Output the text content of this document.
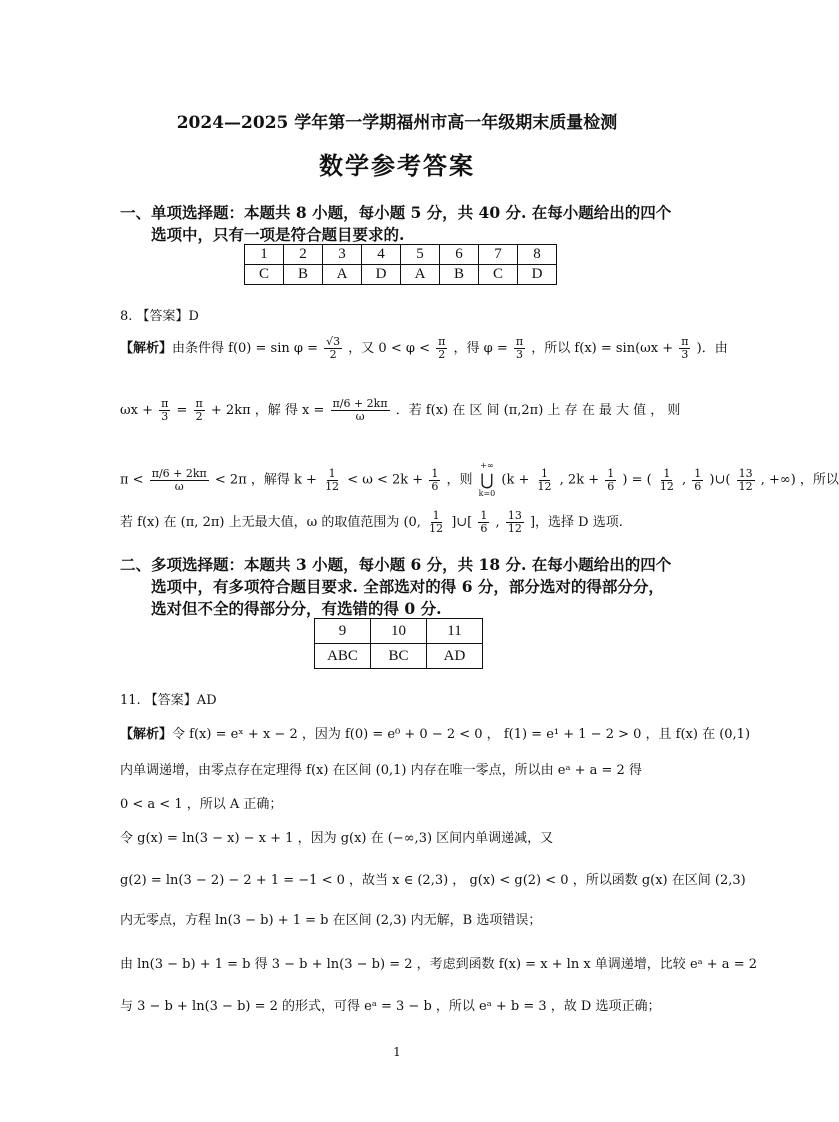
2024—2025 学年第一学期福州市高一年级期末质量检测
数学参考答案
一、单项选择题：本题共 8 小题，每小题 5 分，共 40 分. 在每小题给出的四个
选项中，只有一项是符合题目要求的.
1	2	3	4	5	6	7	8
C	B	A	D	A	B	C	D
8. 【答案】D
【解析】由条件得 $f(0) = \sin \varphi = \frac{√3}{2}$ ，又 $0 < \varphi < \frac{\pi}{2}$ ，得 $\varphi = \frac{\pi}{3}$ ，所以 $f(x) = \sin(\omega x + \frac{\pi}{3}$ )．由
$\omega x + \frac{\pi}{3} = \frac{\pi}{2} + 2k\pi$ ，解 得 $x = \frac{\pi/6 + 2k\pi}{\omega}$ ．若 f(x) 在 区 间 (π,2π) 上 存 在 最 大 值 ， 则
$\pi < \frac{\pi/6 + 2k\pi}{\omega} < 2\pi$ ，解得 $k + \frac{1}{12} < \omega < 2k + \frac{1}{6}$ ，则
+∞
⋃
k=0
($k + \frac{1}{12}$ , $2k + \frac{1}{6}$ ) = ( $\frac{1}{12}$ , $\frac{1}{6}$ )∪( $\frac{13}{12}$ , +∞) ，所以
若 f(x) 在 (π, 2π) 上无最大值，ω 的取值范围为 (0, $\frac{1}{12}$ ]∪[ $\frac{1}{6}$ , $\frac{13}{12}$ ]，选择 D 选项.
二、多项选择题：本题共 3 小题，每小题 6 分，共 18 分. 在每小题给出的四个
选项中，有多项符合题目要求. 全部选对的得 6 分，部分选对的得部分分，
选对但不全的得部分分，有选错的得 0 分.
9	10	11
ABC	BC	AD
11. 【答案】AD
【解析】令 f(x) = eˣ + x − 2 ，因为 f(0) = e⁰ + 0 − 2 < 0 ， f(1) = e¹ + 1 − 2 > 0 ，且 f(x) 在 (0,1)
内单调递增，由零点存在定理得 f(x) 在区间 (0,1) 内存在唯一零点，所以由 eᵃ + a = 2 得
0 < a < 1 ，所以 A 正确；
令 g(x) = ln(3 − x) − x + 1 ，因为 g(x) 在 (−∞,3) 区间内单调递减，又
g(2) = ln(3 − 2) − 2 + 1 = −1 < 0 ，故当 x ∈ (2,3) ， g(x) < g(2) < 0 ，所以函数 g(x) 在区间 (2,3)
内无零点，方程 ln(3 − b) + 1 = b 在区间 (2,3) 内无解，B 选项错误；
由 ln(3 − b) + 1 = b 得 3 − b + ln(3 − b) = 2 ，考虑到函数 f(x) = x + ln x 单调递增，比较 eᵃ + a = 2
与 3 − b + ln(3 − b) = 2 的形式，可得 eᵃ = 3 − b ，所以 eᵃ + b = 3 ，故 D 选项正确；
1
